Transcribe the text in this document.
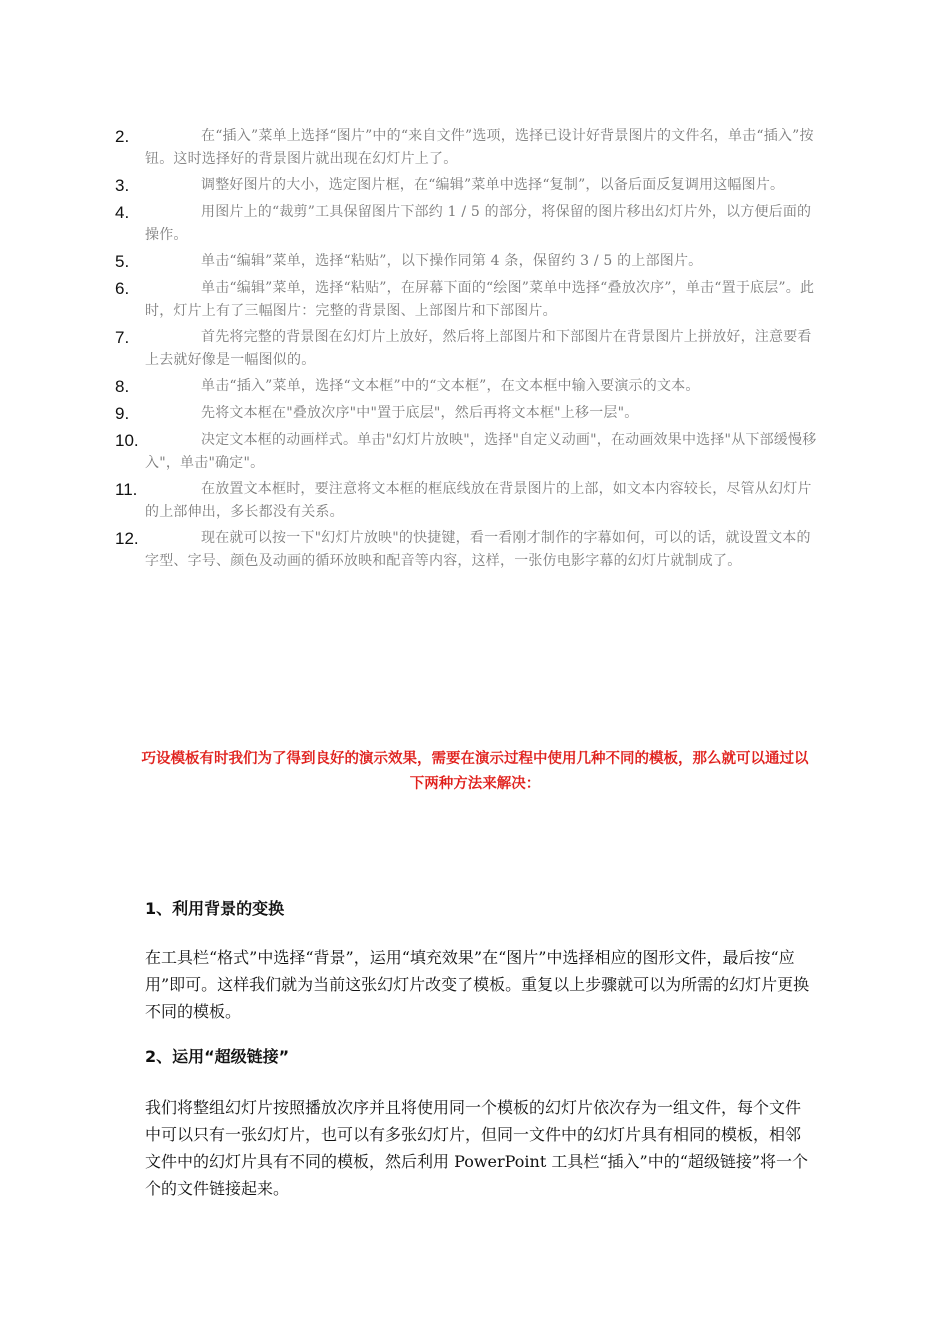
2.	在“插入”菜单上选择“图片”中的“来自文件”选项，选择已设计好背景图片的文件名，单击“插入”按钮。这时选择好的背景图片就出现在幻灯片上了。
3.	调整好图片的大小，选定图片框，在“编辑”菜单中选择“复制”，以备后面反复调用这幅图片。
4.	用图片上的“裁剪”工具保留图片下部约 1 / 5 的部分，将保留的图片移出幻灯片外，以方便后面的操作。
5.	单击“编辑”菜单，选择“粘贴”，以下操作同第 4 条，保留约 3 / 5 的上部图片。
6.	单击“编辑”菜单，选择“粘贴”，在屏幕下面的“绘图”菜单中选择“叠放次序”，单击“置于底层”。此时，灯片上有了三幅图片：完整的背景图、上部图片和下部图片。
7.	首先将完整的背景图在幻灯片上放好，然后将上部图片和下部图片在背景图片上拼放好，注意要看上去就好像是一幅图似的。
8.	单击“插入”菜单，选择“文本框”中的“文本框”，在文本框中输入要演示的文本。
9.	先将文本框在"叠放次序"中"置于底层"，然后再将文本框"上移一层"。
10.	决定文本框的动画样式。单击"幻灯片放映"，选择"自定义动画"，在动画效果中选择"从下部缓慢移入"，单击"确定"。
11.	在放置文本框时，要注意将文本框的框底线放在背景图片的上部，如文本内容较长，尽管从幻灯片的上部伸出，多长都没有关系。
12.	现在就可以按一下"幻灯片放映"的快捷键，看一看刚才制作的字幕如何，可以的话，就设置文本的字型、字号、颜色及动画的循环放映和配音等内容，这样，一张仿电影字幕的幻灯片就制成了。
巧设模板有时我们为了得到良好的演示效果，需要在演示过程中使用几种不同的模板，那么就可以通过以下两种方法来解决：
1、利用背景的变换
在工具栏“格式”中选择“背景”，运用“填充效果”在“图片”中选择相应的图形文件，最后按“应用”即可。这样我们就为当前这张幻灯片改变了模板。重复以上步骤就可以为所需的幻灯片更换不同的模板。
2、运用“超级链接”
我们将整组幻灯片按照播放次序并且将使用同一个模板的幻灯片依次存为一组文件，每个文件中可以只有一张幻灯片，也可以有多张幻灯片，但同一文件中的幻灯片具有相同的模板，相邻文件中的幻灯片具有不同的模板，然后利用 PowerPoint 工具栏“插入”中的“超级链接”将一个个的文件链接起来。
